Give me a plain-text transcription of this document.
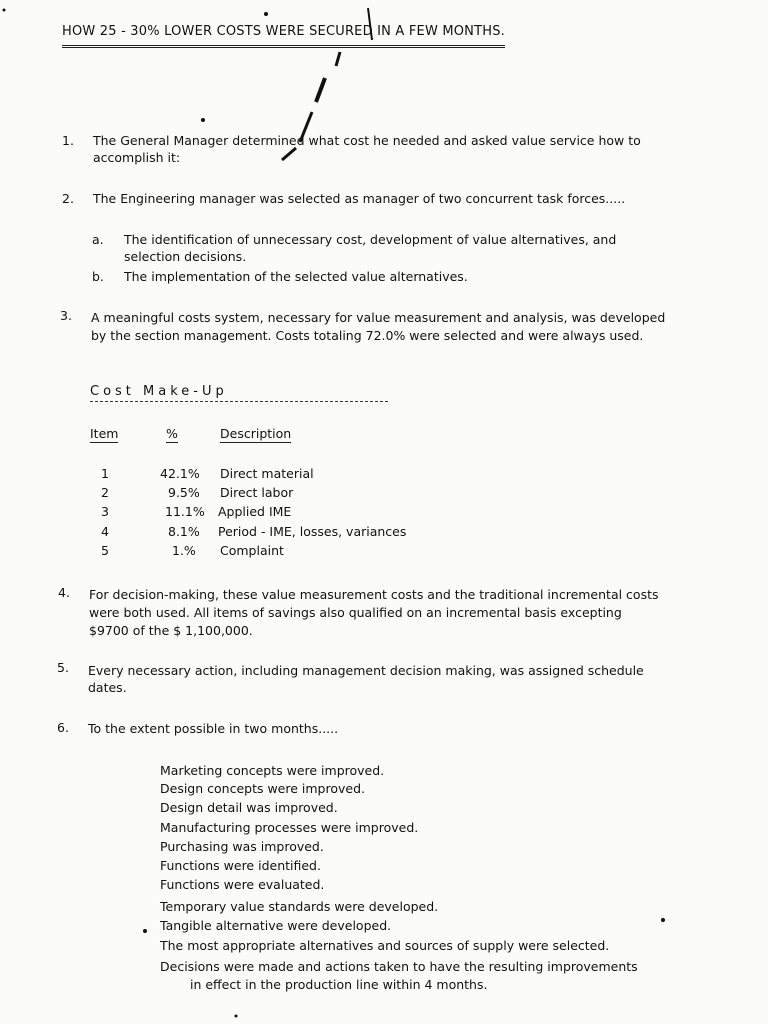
HOW 25 - 30% LOWER COSTS WERE SECURED IN A FEW MONTHS.
1. The General Manager determined what cost he needed and asked value service how to
accomplish it:
2. The Engineering manager was selected as manager of two concurrent task forces.....
a. The identification of unnecessary cost, development of value alternatives, and
selection decisions.
b. The implementation of the selected value alternatives.
3. A meaningful costs system, necessary for value measurement and analysis, was developed
by the section management. Costs totaling 72.0% were selected and were always used.
Cost Make-Up
Item	%	Description
1	42.1% Direct material
2	9.5% Direct labor
3	11.1% Applied IME
4	8.1% Period - IME, losses, variances
5	1.% Complaint
4. For decision-making, these value measurement costs and the traditional incremental costs
were both used. All items of savings also qualified on an incremental basis excepting
$9700 of the $ 1,100,000.
5. Every necessary action, including management decision making, was assigned schedule
dates.
6. To the extent possible in two months.....
Marketing concepts were improved.
Design concepts were improved.
Design detail was improved.
Manufacturing processes were improved.
Purchasing was improved.
Functions were identified.
Functions were evaluated.
Temporary value standards were developed.
Tangible alternative were developed.
The most appropriate alternatives and sources of supply were selected.
Decisions were made and actions taken to have the resulting improvements
in effect in the production line within 4 months.
